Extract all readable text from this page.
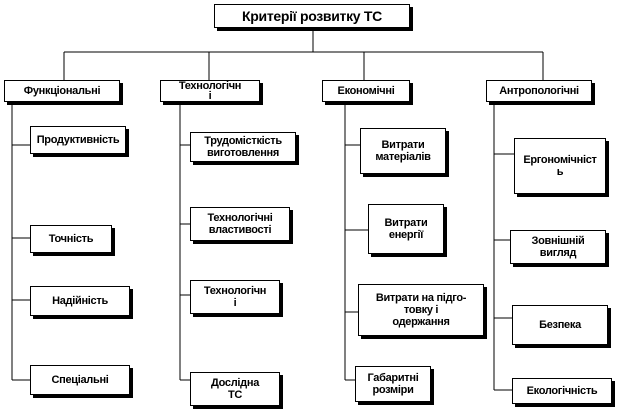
Критерії розвитку ТС
Функціональні	Технологічн
і	Економічні	Антропологічні
Продуктивність
Точність
Надійність
Спеціальні
Трудомісткість
виготовлення
Технологічні
властивості
Технологічн
і
Дослідна
ТС
Витрати
матеріалів
Витрати
енергії
Витрати на підго-
товку і
одержання
Габаритні
розміри
Ергономічніст
ь
Зовнішній
вигляд
Безпека
Екологічність
